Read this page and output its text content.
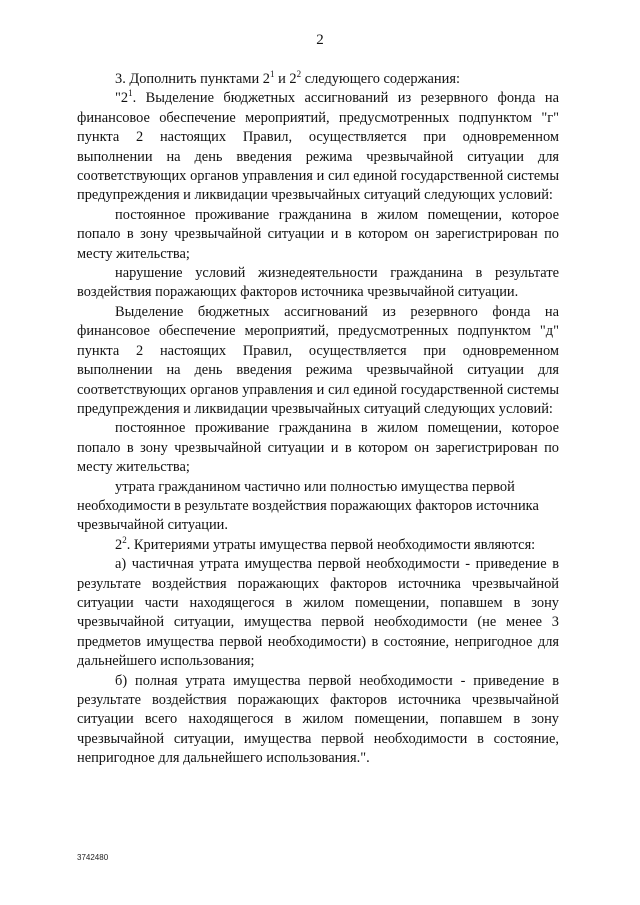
2

3. Дополнить пунктами $2^1$ и $2^2$ следующего содержания:

"$2^1$. Выделение бюджетных ассигнований из резервного фонда на финансовое обеспечение мероприятий, предусмотренных подпунктом "г" пункта 2 настоящих Правил, осуществляется при одновременном выполнении на день введения режима чрезвычайной ситуации для соответствующих органов управления и сил единой государственной системы предупреждения и ликвидации чрезвычайных ситуаций следующих условий:

постоянное проживание гражданина в жилом помещении, которое попало в зону чрезвычайной ситуации и в котором он зарегистрирован по месту жительства;

нарушение условий жизнедеятельности гражданина в результате воздействия поражающих факторов источника чрезвычайной ситуации.

Выделение бюджетных ассигнований из резервного фонда на финансовое обеспечение мероприятий, предусмотренных подпунктом "д" пункта 2 настоящих Правил, осуществляется при одновременном выполнении на день введения режима чрезвычайной ситуации для соответствующих органов управления и сил единой государственной системы предупреждения и ликвидации чрезвычайных ситуаций следующих условий:

постоянное проживание гражданина в жилом помещении, которое попало в зону чрезвычайной ситуации и в котором он зарегистрирован по месту жительства;

утрата гражданином частично или полностью имущества первой необходимости в результате воздействия поражающих факторов источника чрезвычайной ситуации.

$2^2$. Критериями утраты имущества первой необходимости являются:

а) частичная утрата имущества первой необходимости - приведение в результате воздействия поражающих факторов источника чрезвычайной ситуации части находящегося в жилом помещении, попавшем в зону чрезвычайной ситуации, имущества первой необходимости (не менее 3 предметов имущества первой необходимости) в состояние, непригодное для дальнейшего использования;

б) полная утрата имущества первой необходимости - приведение в результате воздействия поражающих факторов источника чрезвычайной ситуации всего находящегося в жилом помещении, попавшем в зону чрезвычайной ситуации, имущества первой необходимости в состояние, непригодное для дальнейшего использования.".

3742480
